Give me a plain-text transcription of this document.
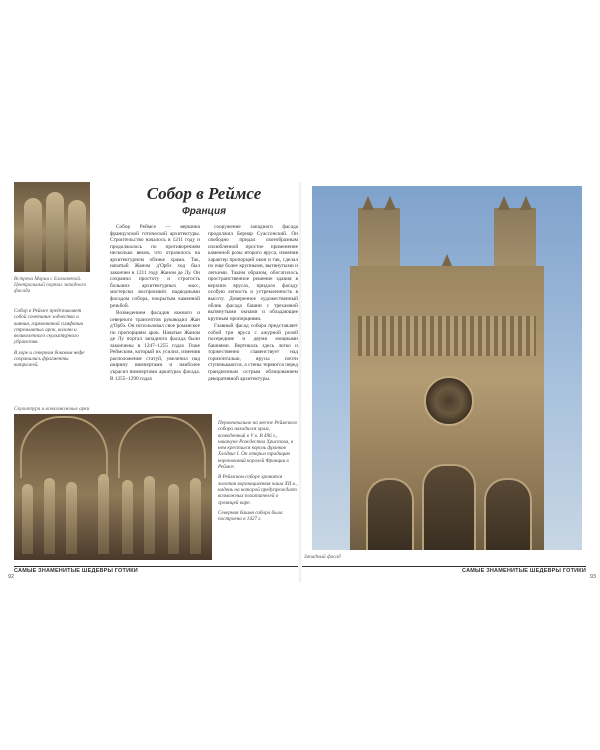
Встреча Марии с Елизаветой. Центральный портал западного фасада

Собор в Реймсе представляет собой сочетание зодчества и ваяния, гармоничной симфонии стрельчатых арок, колонн и великолепного скульптурного убранства.

В хоре и северном боковом нефе сохранились фрагменты витражей.

Собор в Реймсе
Франция

Собор Реймсе — вершина французской готической архитектуры. Строительство началось в 1211 году и продолжалось по противоречиям несколько веков, что отразилось на архитектурном облике храма. Так, начатый Жаном д'Орбэ ход был закончен в 1211 году Жаном де Лу. Он сохранил простоту и строгость больших архитектурных масс, мастерски воспроизвёл надводными фасадом собора, покрытым каменной резьбой.

Возведением фасадов южного и северного трансептов руководил Жан д'Орбэ. Он использовал свое романское по пропорциям арок. Начатые Жаном де Лу портал западного фасада были закончены в 1247–1255 годах Гоше Реймским, который их усилил, изменив расположение статуй, увеличил над ширину вимпертами и наиболее украсил вимпертами аркатурах фасада. В 1255–1290 годах

сооружение западного фасада продолжил Бернар Суассонский. Он свободно придал своеобразным излюбленной простое применение каменной розы второго яруса, изменив характер пропорций окон и так, сделал их еще более крупными, вытянутыми и легкими. Таким образом, обогатилось пространственное решение здания в верхних ярусах, придало фасаду особую легкость и устремленность в высоту. Доверенное художественный облик фасада башни с трехамной вытянутыми окнами и обладающие крупным пропорциями.

Главный фасад собора представляет собой три яруса с ажурной розой посередине и двумя мощными башнями. Вертикаль здесь легко и торжественно главенствует над горизонталью, ярусы почти ступенькаются, а стены теряются перед грандиозным острым облицованием декоративной архитектуры.

Скульптура и всевозможные арки

Первоначально на месте Реймского собора находился храм, возведенный в V в. В 496 г., накануне Рождества Христова, в нем крестился король франков Хлодвиг I. Он открыл традицию коронований королей Франции в Реймсе.

В Реймском соборе хранится золотая коронационная чаша XII в., надень на которой предупреждает возможных похитителей о грозящей каре.

Северная башня собора была построена в 1427 г.

САМЫЕ ЗНАМЕНИТЫЕ ШЕДЕВРЫ ГОТИКИ
92
Западный фасад
САМЫЕ ЗНАМЕНИТЫЕ ШЕДЕВРЫ ГОТИКИ
93
